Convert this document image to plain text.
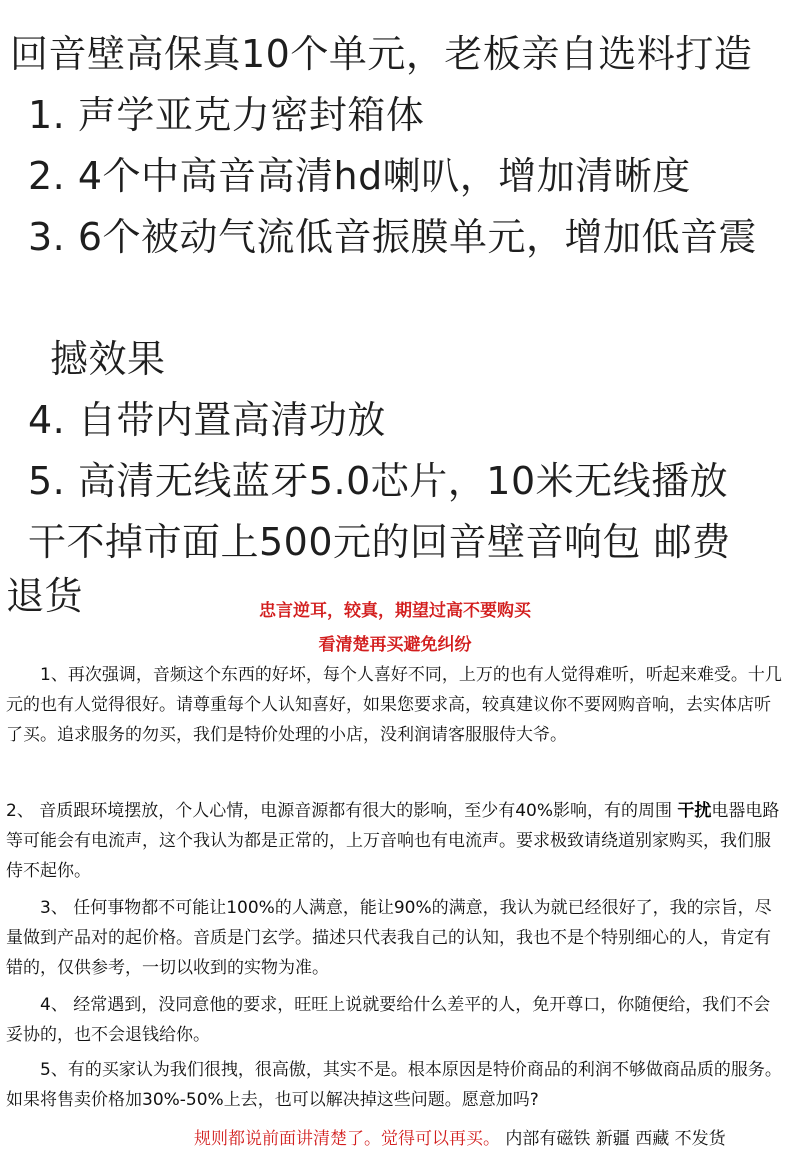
回音壁高保真10个单元，老板亲自选料打造
1. 声学亚克力密封箱体
2. 4个中高音高清hd喇叭，增加清晰度
3. 6个被动气流低音振膜单元，增加低音震
撼效果
4. 自带内置高清功放
5. 高清无线蓝牙5.0芯片，10米无线播放
干不掉市面上500元的回音壁音响包 邮费
退货	忠言逆耳，较真，期望过高不要购买
看清楚再买避免纠纷
　　1、再次强调，音频这个东西的好坏，每个人喜好不同，上万的也有人觉得难听，听起来难受。十几元的也有人觉得很好。请尊重每个人认知喜好，如果您要求高，较真建议你不要网购音响，去实体店听了买。追求服务的勿买，我们是特价处理的小店，没利润请客服服侍大爷。
2、 音质跟环境摆放，个人心情，电源音源都有很大的影响，至少有40%影响，有的周围 干扰电器电路等可能会有电流声，这个我认为都是正常的，上万音响也有电流声。要求极致请绕道别家购买，我们服侍不起你。
　　3、 任何事物都不可能让100%的人满意，能让90%的满意，我认为就已经很好了，我的宗旨，尽量做到产品对的起价格。音质是门玄学。描述只代表我自己的认知，我也不是个特别细心的人，肯定有错的，仅供参考，一切以收到的实物为准。
　　4、 经常遇到，没同意他的要求，旺旺上说就要给什么差平的人，免开尊口，你随便给，我们不会妥协的，也不会退钱给你。
　　5、有的买家认为我们很拽，很高傲，其实不是。根本原因是特价商品的利润不够做商品质的服务。如果将售卖价格加30%-50%上去，也可以解决掉这些问题。愿意加吗?
规则都说前面讲清楚了。觉得可以再买。 内部有磁铁 新疆 西藏 不发货
